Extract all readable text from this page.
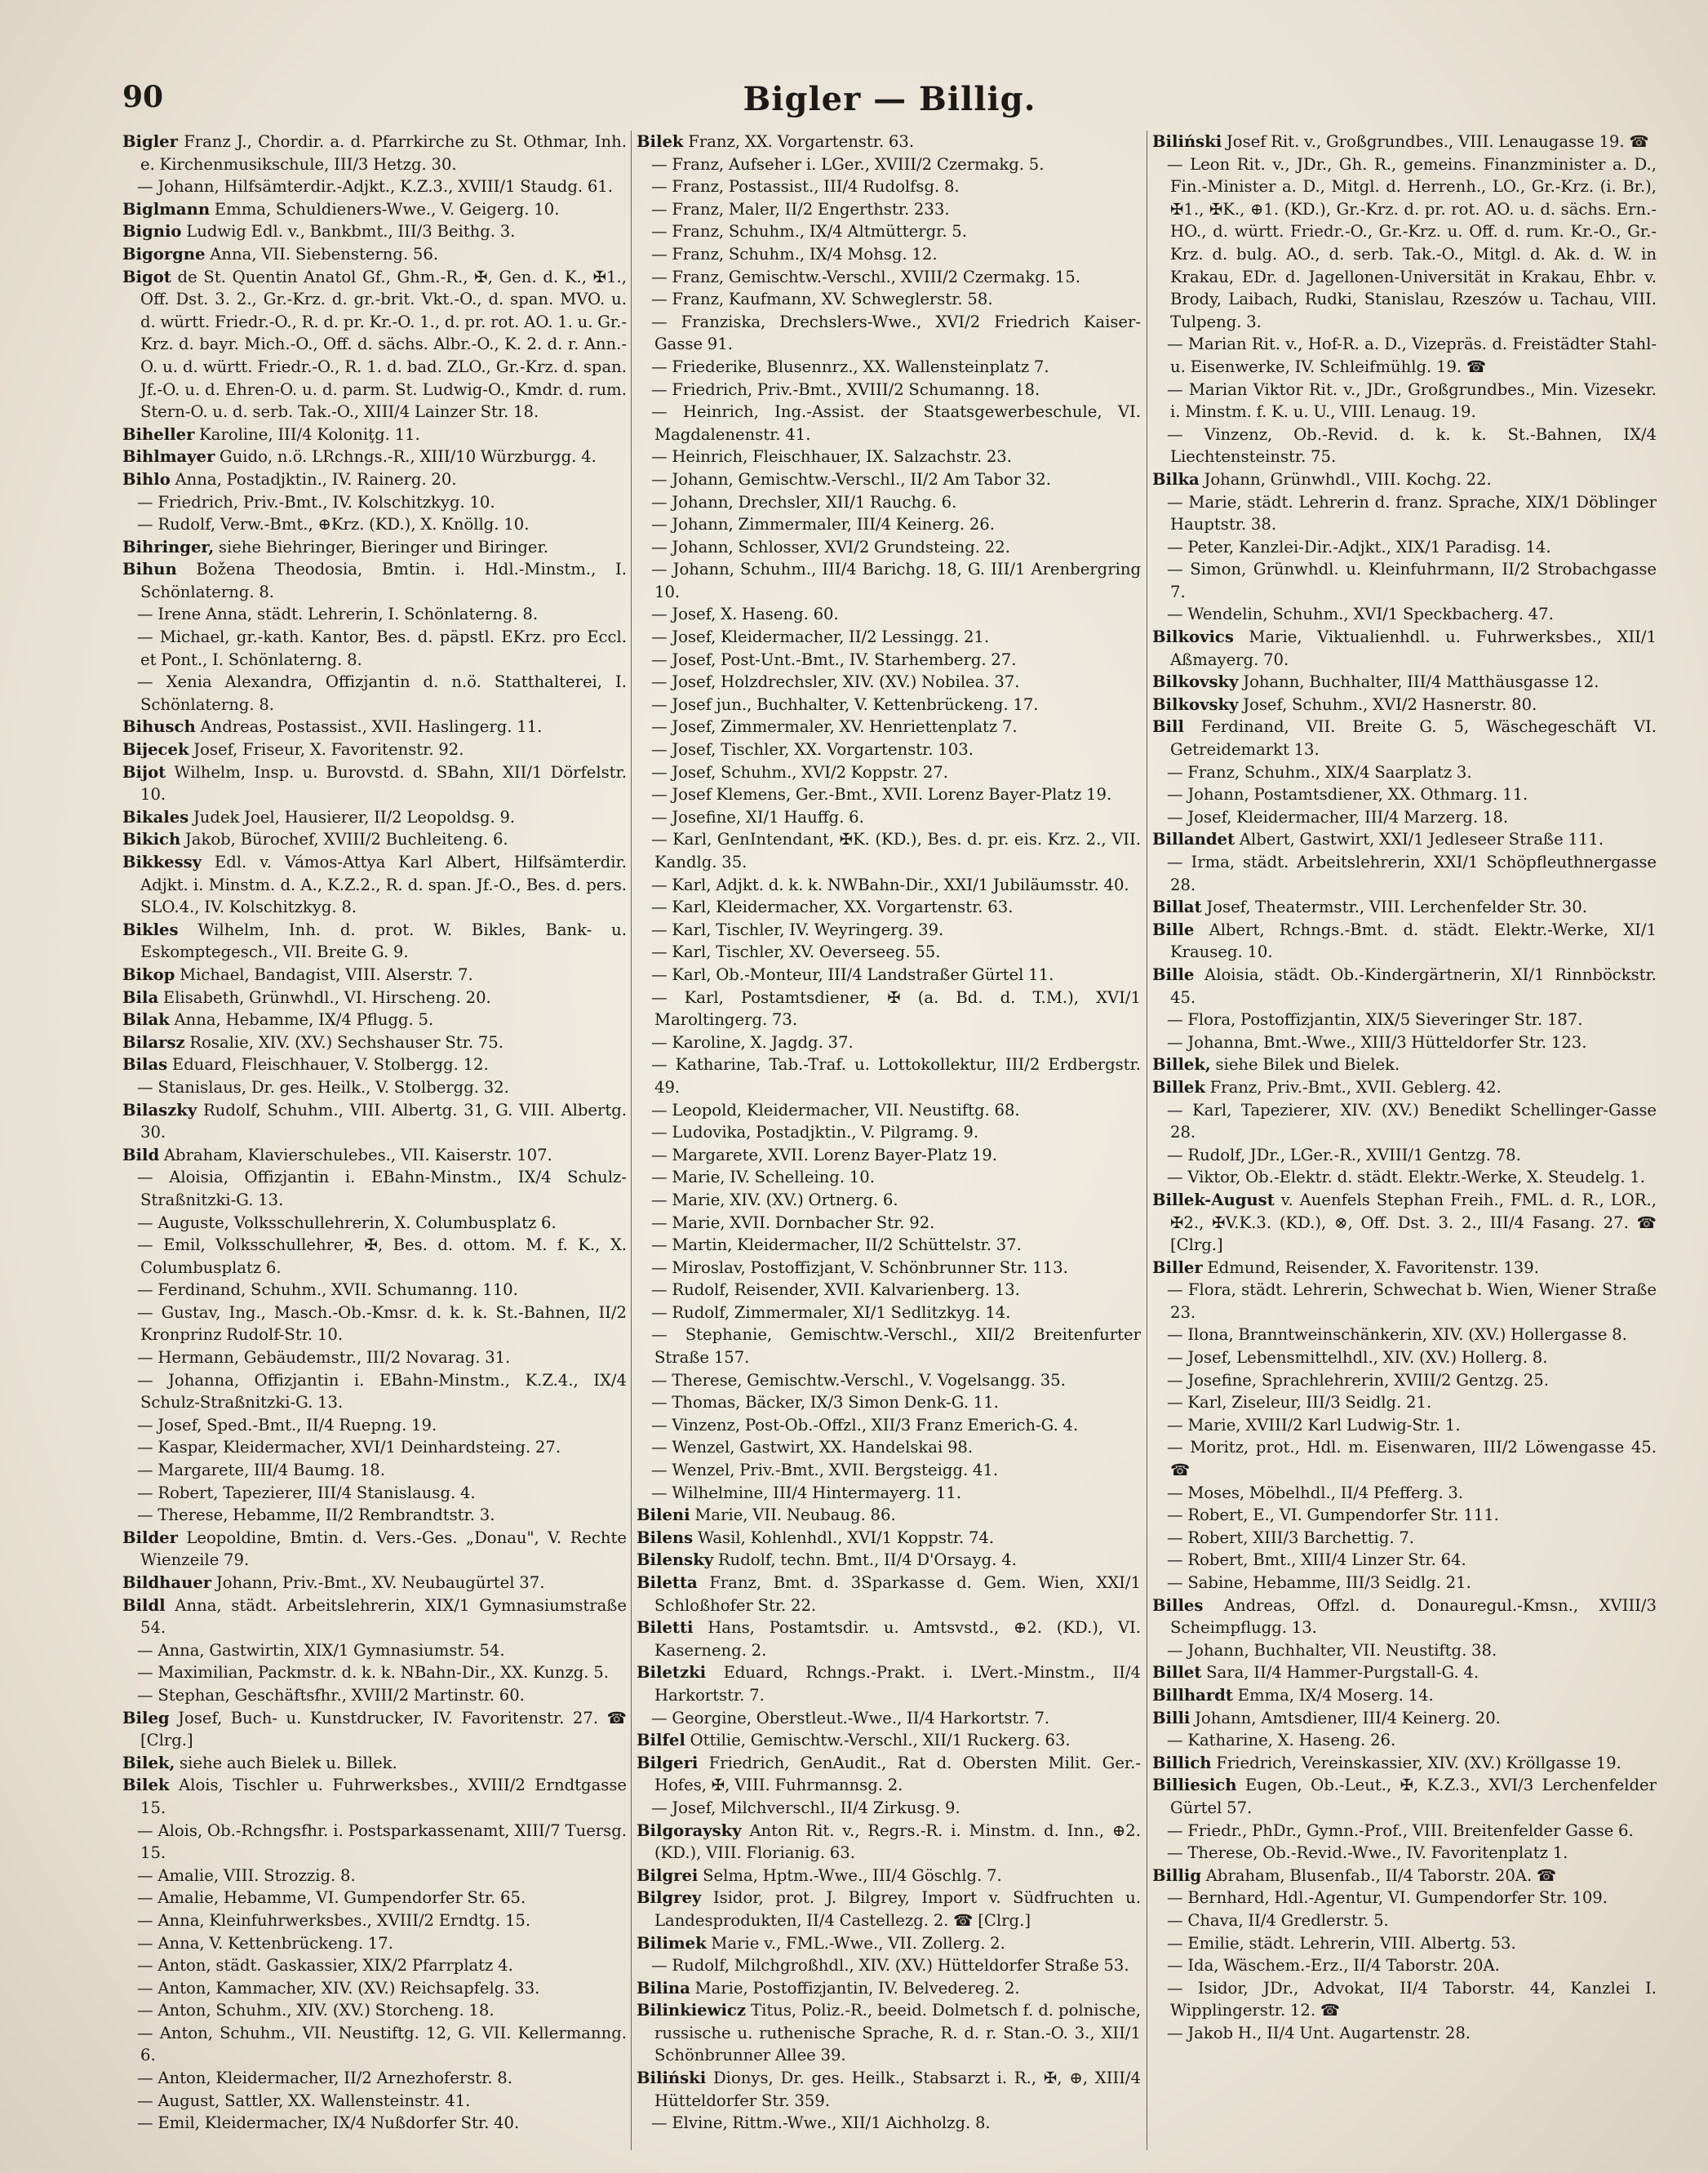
90	Bigler — Billig.

Bigler Franz J., Chordir. a. d. Pfarrkirche zu St. Othmar, Inh. e. Kirchenmusikschule, III/3 Hetzg. 30.

— Johann, Hilfsämterdir.-Adjkt., K.Z.3., XVIII/1 Staudg. 61.

Biglmann Emma, Schuldieners-Wwe., V. Geigerg. 10.

Bignio Ludwig Edl. v., Bankbmt., III/3 Beithg. 3.

Bigorgne Anna, VII. Siebensterng. 56.

Bigot de St. Quentin Anatol Gf., Ghm.-R., ✠, Gen. d. K., ✠1., Off. Dst. 3. 2., Gr.-Krz. d. gr.-brit. Vkt.-O., d. span. MVO. u. d. württ. Friedr.-O., R. d. pr. Kr.-O. 1., d. pr. rot. AO. 1. u. Gr.-Krz. d. bayr. Mich.-O., Off. d. sächs. Albr.-O., K. 2. d. r. Ann.-O. u. d. württ. Friedr.-O., R. 1. d. bad. ZLO., Gr.-Krz. d. span. Jf.-O. u. d. Ehren-O. u. d. parm. St. Ludwig-O., Kmdr. d. rum. Stern-O. u. d. serb. Tak.-O., XIII/4 Lainzer Str. 18.

Biheller Karoline, III/4 Koloniţg. 11.

Bihlmayer Guido, n.ö. LRchngs.-R., XIII/10 Würzburgg. 4.

Bihlo Anna, Postadjktin., IV. Rainerg. 20.

— Friedrich, Priv.-Bmt., IV. Kolschitzkyg. 10.

— Rudolf, Verw.-Bmt., ⊕Krz. (KD.), X. Knöllg. 10.

Bihringer, siehe Biehringer, Bieringer und Biringer.

Bihun Božena Theodosia, Bmtin. i. Hdl.-Minstm., I. Schönlaterng. 8.

— Irene Anna, städt. Lehrerin, I. Schönlaterng. 8.

— Michael, gr.-kath. Kantor, Bes. d. päpstl. EKrz. pro Eccl. et Pont., I. Schönlaterng. 8.

— Xenia Alexandra, Offizjantin d. n.ö. Statthalterei, I. Schönlaterng. 8.

Bihusch Andreas, Postassist., XVII. Haslingerg. 11.

Bijecek Josef, Friseur, X. Favoritenstr. 92.

Bijot Wilhelm, Insp. u. Burovstd. d. SBahn, XII/1 Dörfelstr. 10.

Bikales Judek Joel, Hausierer, II/2 Leopoldsg. 9.

Bikich Jakob, Bürochef, XVIII/2 Buchleiteng. 6.

Bikkessy Edl. v. Vámos-Attya Karl Albert, Hilfsämterdir. Adjkt. i. Minstm. d. A., K.Z.2., R. d. span. Jf.-O., Bes. d. pers. SLO.4., IV. Kolschitzkyg. 8.

Bikles Wilhelm, Inh. d. prot. W. Bikles, Bank- u. Eskomptegesch., VII. Breite G. 9.

Bikop Michael, Bandagist, VIII. Alserstr. 7.

Bila Elisabeth, Grünwhdl., VI. Hirscheng. 20.

Bilak Anna, Hebamme, IX/4 Pflugg. 5.

Bilarsz Rosalie, XIV. (XV.) Sechshauser Str. 75.

Bilas Eduard, Fleischhauer, V. Stolbergg. 12.

— Stanislaus, Dr. ges. Heilk., V. Stolbergg. 32.

Bilaszky Rudolf, Schuhm., VIII. Albertg. 31, G. VIII. Albertg. 30.

Bild Abraham, Klavierschulebes., VII. Kaiserstr. 107.

— Aloisia, Offizjantin i. EBahn-Minstm., IX/4 Schulz-Straßnitzki-G. 13.

— Auguste, Volksschullehrerin, X. Columbusplatz 6.

— Emil, Volksschullehrer, ✠, Bes. d. ottom. M. f. K., X. Columbusplatz 6.

— Ferdinand, Schuhm., XVII. Schumanng. 110.

— Gustav, Ing., Masch.-Ob.-Kmsr. d. k. k. St.-Bahnen, II/2 Kronprinz Rudolf-Str. 10.

— Hermann, Gebäudemstr., III/2 Novarag. 31.

— Johanna, Offizjantin i. EBahn-Minstm., K.Z.4., IX/4 Schulz-Straßnitzki-G. 13.

— Josef, Sped.-Bmt., II/4 Ruepng. 19.

— Kaspar, Kleidermacher, XVI/1 Deinhardsteing. 27.

— Margarete, III/4 Baumg. 18.

— Robert, Tapezierer, III/4 Stanislausg. 4.

— Therese, Hebamme, II/2 Rembrandtstr. 3.

Bilder Leopoldine, Bmtin. d. Vers.-Ges. „Donau", V. Rechte Wienzeile 79.

Bildhauer Johann, Priv.-Bmt., XV. Neubaugürtel 37.

Bildl Anna, städt. Arbeitslehrerin, XIX/1 Gymnasiumstraße 54.

— Anna, Gastwirtin, XIX/1 Gymnasiumstr. 54.

— Maximilian, Packmstr. d. k. k. NBahn-Dir., XX. Kunzg. 5.

— Stephan, Geschäftsfhr., XVIII/2 Martinstr. 60.

Bileg Josef, Buch- u. Kunstdrucker, IV. Favoritenstr. 27. ☎ [Clrg.]

Bilek, siehe auch Bielek u. Billek.

Bilek Alois, Tischler u. Fuhrwerksbes., XVIII/2 Erndtgasse 15.

— Alois, Ob.-Rchngsfhr. i. Postsparkassenamt, XIII/7 Tuersg. 15.

— Amalie, VIII. Strozzig. 8.

— Amalie, Hebamme, VI. Gumpendorfer Str. 65.

— Anna, Kleinfuhrwerksbes., XVIII/2 Erndtg. 15.

— Anna, V. Kettenbrückeng. 17.

— Anton, städt. Gaskassier, XIX/2 Pfarrplatz 4.

— Anton, Kammacher, XIV. (XV.) Reichsapfelg. 33.

— Anton, Schuhm., XIV. (XV.) Storcheng. 18.

— Anton, Schuhm., VII. Neustiftg. 12, G. VII. Kellermanng. 6.

— Anton, Kleidermacher, II/2 Arnezhoferstr. 8.

— August, Sattler, XX. Wallensteinstr. 41.

— Emil, Kleidermacher, IX/4 Nußdorfer Str. 40.

Bilek Franz, XX. Vorgartenstr. 63.

— Franz, Aufseher i. LGer., XVIII/2 Czermakg. 5.

— Franz, Postassist., III/4 Rudolfsg. 8.

— Franz, Maler, II/2 Engerthstr. 233.

— Franz, Schuhm., IX/4 Altmüttergr. 5.

— Franz, Schuhm., IX/4 Mohsg. 12.

— Franz, Gemischtw.-Verschl., XVIII/2 Czermakg. 15.

— Franz, Kaufmann, XV. Schweglerstr. 58.

— Franziska, Drechslers-Wwe., XVI/2 Friedrich Kaiser-Gasse 91.

— Friederike, Blusennrz., XX. Wallensteinplatz 7.

— Friedrich, Priv.-Bmt., XVIII/2 Schumanng. 18.

— Heinrich, Ing.-Assist. der Staatsgewerbeschule, VI. Magdalenenstr. 41.

— Heinrich, Fleischhauer, IX. Salzachstr. 23.

— Johann, Gemischtw.-Verschl., II/2 Am Tabor 32.

— Johann, Drechsler, XII/1 Rauchg. 6.

— Johann, Zimmermaler, III/4 Keinerg. 26.

— Johann, Schlosser, XVI/2 Grundsteing. 22.

— Johann, Schuhm., III/4 Barichg. 18, G. III/1 Arenbergring 10.

— Josef, X. Haseng. 60.

— Josef, Kleidermacher, II/2 Lessingg. 21.

— Josef, Post-Unt.-Bmt., IV. Starhemberg. 27.

— Josef, Holzdrechsler, XIV. (XV.) Nobilea. 37.

— Josef jun., Buchhalter, V. Kettenbrückeng. 17.

— Josef, Zimmermaler, XV. Henriettenplatz 7.

— Josef, Tischler, XX. Vorgartenstr. 103.

— Josef, Schuhm., XVI/2 Koppstr. 27.

— Josef Klemens, Ger.-Bmt., XVII. Lorenz Bayer-Platz 19.

— Josefine, XI/1 Hauffg. 6.

— Karl, GenIntendant, ✠K. (KD.), Bes. d. pr. eis. Krz. 2., VII. Kandlg. 35.

— Karl, Adjkt. d. k. k. NWBahn-Dir., XXI/1 Jubiläumsstr. 40.

— Karl, Kleidermacher, XX. Vorgartenstr. 63.

— Karl, Tischler, IV. Weyringerg. 39.

— Karl, Tischler, XV. Oeverseeg. 55.

— Karl, Ob.-Monteur, III/4 Landstraßer Gürtel 11.

— Karl, Postamtsdiener, ✠ (a. Bd. d. T.M.), XVI/1 Maroltingerg. 73.

— Karoline, X. Jagdg. 37.

— Katharine, Tab.-Traf. u. Lottokollektur, III/2 Erdbergstr. 49.

— Leopold, Kleidermacher, VII. Neustiftg. 68.

— Ludovika, Postadjktin., V. Pilgramg. 9.

— Margarete, XVII. Lorenz Bayer-Platz 19.

— Marie, IV. Schelleing. 10.

— Marie, XIV. (XV.) Ortnerg. 6.

— Marie, XVII. Dornbacher Str. 92.

— Martin, Kleidermacher, II/2 Schüttelstr. 37.

— Miroslav, Postoffizjant, V. Schönbrunner Str. 113.

— Rudolf, Reisender, XVII. Kalvarienberg. 13.

— Rudolf, Zimmermaler, XI/1 Sedlitzkyg. 14.

— Stephanie, Gemischtw.-Verschl., XII/2 Breitenfurter Straße 157.

— Therese, Gemischtw.-Verschl., V. Vogelsangg. 35.

— Thomas, Bäcker, IX/3 Simon Denk-G. 11.

— Vinzenz, Post-Ob.-Offzl., XII/3 Franz Emerich-G. 4.

— Wenzel, Gastwirt, XX. Handelskai 98.

— Wenzel, Priv.-Bmt., XVII. Bergsteigg. 41.

— Wilhelmine, III/4 Hintermayerg. 11.

Bileni Marie, VII. Neubaug. 86.

Bilens Wasil, Kohlenhdl., XVI/1 Koppstr. 74.

Bilensky Rudolf, techn. Bmt., II/4 D'Orsayg. 4.

Biletta Franz, Bmt. d. 3Sparkasse d. Gem. Wien, XXI/1 Schloßhofer Str. 22.

Biletti Hans, Postamtsdir. u. Amtsvstd., ⊕2. (KD.), VI. Kaserneng. 2.

Biletzki Eduard, Rchngs.-Prakt. i. LVert.-Minstm., II/4 Harkortstr. 7.

— Georgine, Oberstleut.-Wwe., II/4 Harkortstr. 7.

Bilfel Ottilie, Gemischtw.-Verschl., XII/1 Ruckerg. 63.

Bilgeri Friedrich, GenAudit., Rat d. Obersten Milit. Ger.-Hofes, ✠, VIII. Fuhrmannsg. 2.

— Josef, Milchverschl., II/4 Zirkusg. 9.

Bilgoraysky Anton Rit. v., Regrs.-R. i. Minstm. d. Inn., ⊕2. (KD.), VIII. Florianig. 63.

Bilgrei Selma, Hptm.-Wwe., III/4 Göschlg. 7.

Bilgrey Isidor, prot. J. Bilgrey, Import v. Südfruchten u. Landesprodukten, II/4 Castellezg. 2. ☎ [Clrg.]

Bilimek Marie v., FML.-Wwe., VII. Zollerg. 2.

— Rudolf, Milchgroßhdl., XIV. (XV.) Hütteldorfer Straße 53.

Bilina Marie, Postoffizjantin, IV. Belvedereg. 2.

Bilinkiewicz Titus, Poliz.-R., beeid. Dolmetsch f. d. polnische, russische u. ruthenische Sprache, R. d. r. Stan.-O. 3., XII/1 Schönbrunner Allee 39.

Biliński Dionys, Dr. ges. Heilk., Stabsarzt i. R., ✠, ⊕, XIII/4 Hütteldorfer Str. 359.

— Elvine, Rittm.-Wwe., XII/1 Aichholzg. 8.

Biliński Josef Rit. v., Großgrundbes., VIII. Lenaugasse 19. ☎

— Leon Rit. v., JDr., Gh. R., gemeins. Finanzminister a. D., Fin.-Minister a. D., Mitgl. d. Herrenh., LO., Gr.-Krz. (i. Br.), ✠1., ✠K., ⊕1. (KD.), Gr.-Krz. d. pr. rot. AO. u. d. sächs. Ern.-HO., d. württ. Friedr.-O., Gr.-Krz. u. Off. d. rum. Kr.-O., Gr.-Krz. d. bulg. AO., d. serb. Tak.-O., Mitgl. d. Ak. d. W. in Krakau, EDr. d. Jagellonen-Universität in Krakau, Ehbr. v. Brody, Laibach, Rudki, Stanislau, Rzeszów u. Tachau, VIII. Tulpeng. 3.

— Marian Rit. v., Hof-R. a. D., Vizepräs. d. Freistädter Stahl- u. Eisenwerke, IV. Schleifmühlg. 19. ☎

— Marian Viktor Rit. v., JDr., Großgrundbes., Min. Vizesekr. i. Minstm. f. K. u. U., VIII. Lenaug. 19.

— Vinzenz, Ob.-Revid. d. k. k. St.-Bahnen, IX/4 Liechtensteinstr. 75.

Bilka Johann, Grünwhdl., VIII. Kochg. 22.

— Marie, städt. Lehrerin d. franz. Sprache, XIX/1 Döblinger Hauptstr. 38.

— Peter, Kanzlei-Dir.-Adjkt., XIX/1 Paradisg. 14.

— Simon, Grünwhdl. u. Kleinfuhrmann, II/2 Strobachgasse 7.

— Wendelin, Schuhm., XVI/1 Speckbacherg. 47.

Bilkovics Marie, Viktualienhdl. u. Fuhrwerksbes., XII/1 Aßmayerg. 70.

Bilkovsky Johann, Buchhalter, III/4 Matthäusgasse 12.

Bilkovsky Josef, Schuhm., XVI/2 Hasnerstr. 80.

Bill Ferdinand, VII. Breite G. 5, Wäschegeschäft VI. Getreidemarkt 13.

— Franz, Schuhm., XIX/4 Saarplatz 3.

— Johann, Postamtsdiener, XX. Othmarg. 11.

— Josef, Kleidermacher, III/4 Marzerg. 18.

Billandet Albert, Gastwirt, XXI/1 Jedleseer Straße 111.

— Irma, städt. Arbeitslehrerin, XXI/1 Schöpfleuthnergasse 28.

Billat Josef, Theatermstr., VIII. Lerchenfelder Str. 30.

Bille Albert, Rchngs.-Bmt. d. städt. Elektr.-Werke, XI/1 Krauseg. 10.

Bille Aloisia, städt. Ob.-Kindergärtnerin, XI/1 Rinnböckstr. 45.

— Flora, Postoffizjantin, XIX/5 Sieveringer Str. 187.

— Johanna, Bmt.-Wwe., XIII/3 Hütteldorfer Str. 123.

Billek, siehe Bilek und Bielek.

Billek Franz, Priv.-Bmt., XVII. Geblerg. 42.

— Karl, Tapezierer, XIV. (XV.) Benedikt Schellinger-Gasse 28.

— Rudolf, JDr., LGer.-R., XVIII/1 Gentzg. 78.

— Viktor, Ob.-Elektr. d. städt. Elektr.-Werke, X. Steudelg. 1.

Billek-August v. Auenfels Stephan Freih., FML. d. R., LOR., ✠2., ✠V.K.3. (KD.), ⊗, Off. Dst. 3. 2., III/4 Fasang. 27. ☎ [Clrg.]

Biller Edmund, Reisender, X. Favoritenstr. 139.

— Flora, städt. Lehrerin, Schwechat b. Wien, Wiener Straße 23.

— Ilona, Branntweinschänkerin, XIV. (XV.) Hollergasse 8.

— Josef, Lebensmittelhdl., XIV. (XV.) Hollerg. 8.

— Josefine, Sprachlehrerin, XVIII/2 Gentzg. 25.

— Karl, Ziseleur, III/3 Seidlg. 21.

— Marie, XVIII/2 Karl Ludwig-Str. 1.

— Moritz, prot., Hdl. m. Eisenwaren, III/2 Löwengasse 45. ☎

— Moses, Möbelhdl., II/4 Pfefferg. 3.

— Robert, E., VI. Gumpendorfer Str. 111.

— Robert, XIII/3 Barchettig. 7.

— Robert, Bmt., XIII/4 Linzer Str. 64.

— Sabine, Hebamme, III/3 Seidlg. 21.

Billes Andreas, Offzl. d. Donauregul.-Kmsn., XVIII/3 Scheimpflugg. 13.

— Johann, Buchhalter, VII. Neustiftg. 38.

Billet Sara, II/4 Hammer-Purgstall-G. 4.

Billhardt Emma, IX/4 Moserg. 14.

Billi Johann, Amtsdiener, III/4 Keinerg. 20.

— Katharine, X. Haseng. 26.

Billich Friedrich, Vereinskassier, XIV. (XV.) Kröllgasse 19.

Billiesich Eugen, Ob.-Leut., ✠, K.Z.3., XVI/3 Lerchenfelder Gürtel 57.

— Friedr., PhDr., Gymn.-Prof., VIII. Breitenfelder Gasse 6.

— Therese, Ob.-Revid.-Wwe., IV. Favoritenplatz 1.

Billig Abraham, Blusenfab., II/4 Taborstr. 20A. ☎

— Bernhard, Hdl.-Agentur, VI. Gumpendorfer Str. 109.

— Chava, II/4 Gredlerstr. 5.

— Emilie, städt. Lehrerin, VIII. Albertg. 53.

— Ida, Wäschem.-Erz., II/4 Taborstr. 20A.

— Isidor, JDr., Advokat, II/4 Taborstr. 44, Kanzlei I. Wipplingerstr. 12. ☎

— Jakob H., II/4 Unt. Augartenstr. 28.
